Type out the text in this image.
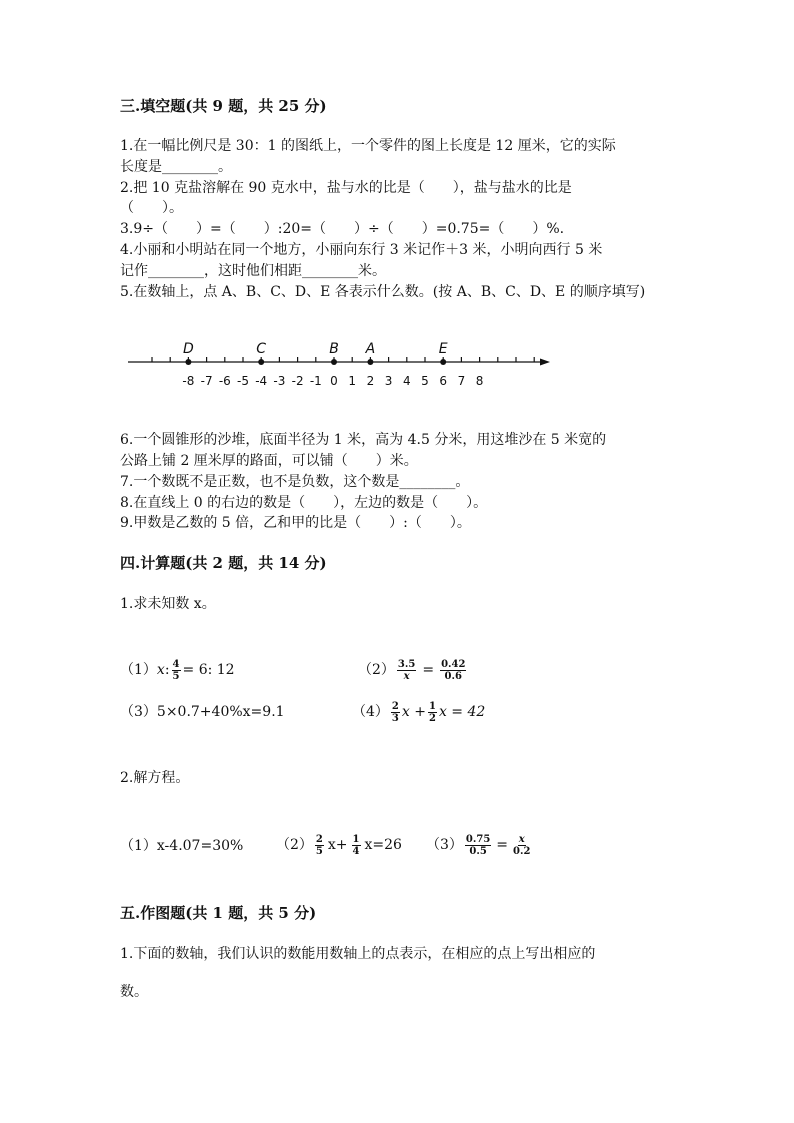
三.填空题(共 9 题，共 25 分)
1.在一幅比例尺是 30：1 的图纸上，一个零件的图上长度是 12 厘米，它的实际
长度是________。
2.把 10 克盐溶解在 90 克水中，盐与水的比是（　　），盐与盐水的比是
（　　）。
3.9÷（　　）=（　　）:20=（　　）÷（　　）=0.75=（　　）%.
4.小丽和小明站在同一个地方，小丽向东行 3 米记作＋3 米，小明向西行 5 米
记作________，这时他们相距________米。
5.在数轴上，点 A、B、C、D、E 各表示什么数。(按 A、B、C、D、E 的顺序填写)
D	C	B A	E
-8 -7 -6 -5 -4 -3 -2 -1 0 1 2 3 4 5 6 7 8
6.一个圆锥形的沙堆，底面半径为 1 米，高为 4.5 分米，用这堆沙在 5 米宽的
公路上铺 2 厘米厚的路面，可以铺（　　）米。
7.一个数既不是正数，也不是负数，这个数是________。
8.在直线上 0 的右边的数是（　　），左边的数是（　　）。
9.甲数是乙数的 5 倍，乙和甲的比是（　　）:（　　）。
四.计算题(共 2 题，共 14 分)
1.求未知数 x。
（1）x: $\frac{4}{5} = 6$: 12	$(2) \frac{3.5}{x} = \frac{0.42}{0.6}$
（3）5×0.7+40%x=9.1	$(4) \frac{2}{3}$ $x + \frac{1}{2}$ x = 42
2.解方程。
（1）x-4.07=30% $(2) \frac{2}{5} x+ \frac{1}{4} x=26$ $(3) \frac{0.75}{0.5} = \frac{x}{0.2}$
五.作图题(共 1 题，共 5 分)
1.下面的数轴，我们认识的数能用数轴上的点表示，在相应的点上写出相应的
数。
